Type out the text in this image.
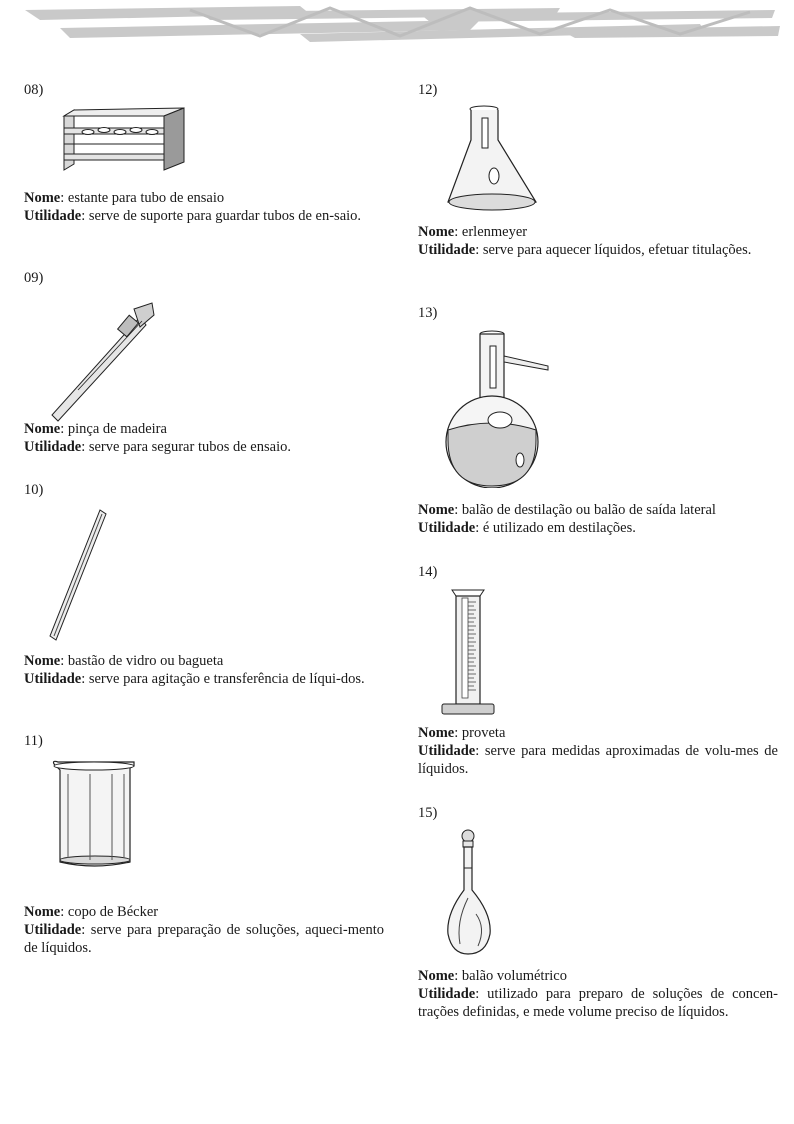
08)

Nome: estante para tubo de ensaio

Utilidade: serve de suporte para guardar tubos de en-saio.

09)

Nome: pinça de madeira

Utilidade: serve para segurar tubos de ensaio.

10)

Nome: bastão de vidro ou bagueta

Utilidade: serve para agitação e transferência de líqui-dos.

11)

Nome: copo de Bécker

Utilidade: serve para preparação de soluções, aqueci-mento de líquidos.

12)

Nome: erlenmeyer

Utilidade: serve para aquecer líquidos, efetuar titulações.

13)

Nome: balão de destilação ou balão de saída lateral

Utilidade: é utilizado em destilações.

14)

Nome: proveta

Utilidade: serve para medidas aproximadas de volu-mes de líquidos.

15)

Nome: balão volumétrico

Utilidade: utilizado para preparo de soluções de concen-trações definidas, e mede volume preciso de líquidos.
